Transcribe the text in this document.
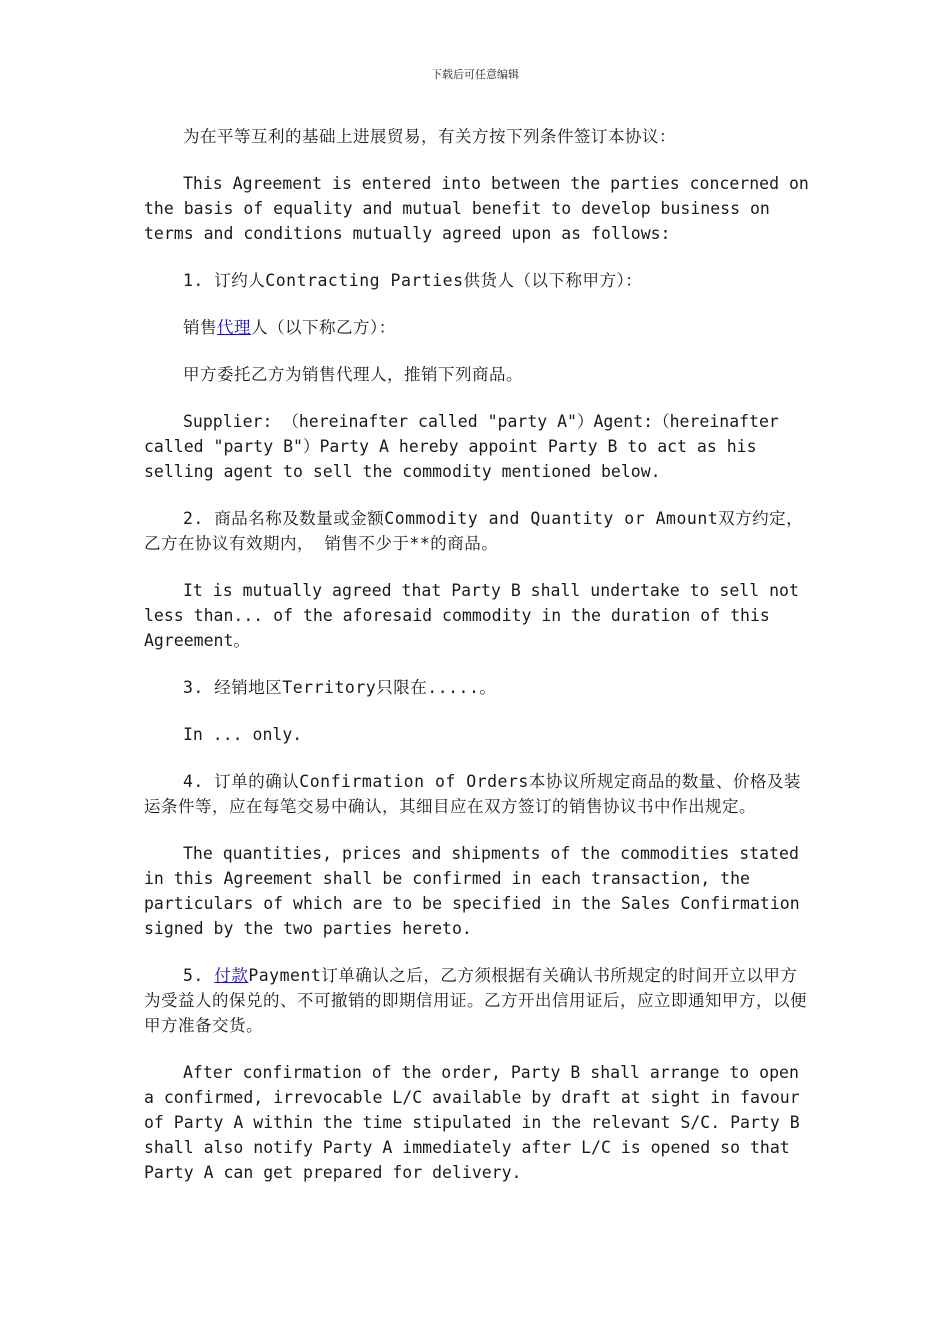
下载后可任意编辑

为在平等互利的基础上进展贸易，有关方按下列条件签订本协议：

This Agreement is entered into between the parties concerned on the basis of equality and mutual benefit to develop business on terms and conditions mutually agreed upon as follows:

1. 订约人Contracting Parties供货人（以下称甲方）：

销售代理人（以下称乙方）：

甲方委托乙方为销售代理人，推销下列商品。

Supplier: （hereinafter called "party A"）Agent:（hereinafter called "party B"）Party A hereby appoint Party B to act as his selling agent to sell the commodity mentioned below.

2. 商品名称及数量或金额Commodity and Quantity or Amount双方约定，乙方在协议有效期内， 销售不少于**的商品。

It is mutually agreed that Party B shall undertake to sell not less than... of the aforesaid commodity in the duration of this Agreement。

3. 经销地区Territory只限在.....。

In ... only.

4. 订单的确认Confirmation of Orders本协议所规定商品的数量、价格及装运条件等，应在每笔交易中确认，其细目应在双方签订的销售协议书中作出规定。

The quantities, prices and shipments of the commodities stated in this Agreement shall be confirmed in each transaction, the particulars of which are to be specified in the Sales Confirmation signed by the two parties hereto.

5. 付款Payment订单确认之后，乙方须根据有关确认书所规定的时间开立以甲方为受益人的保兑的、不可撤销的即期信用证。乙方开出信用证后，应立即通知甲方，以便甲方准备交货。

After confirmation of the order, Party B shall arrange to open a confirmed, irrevocable L/C available by draft at sight in favour of Party A within the time stipulated in the relevant S/C. Party B shall also notify Party A immediately after L/C is opened so that Party A can get prepared for delivery.
